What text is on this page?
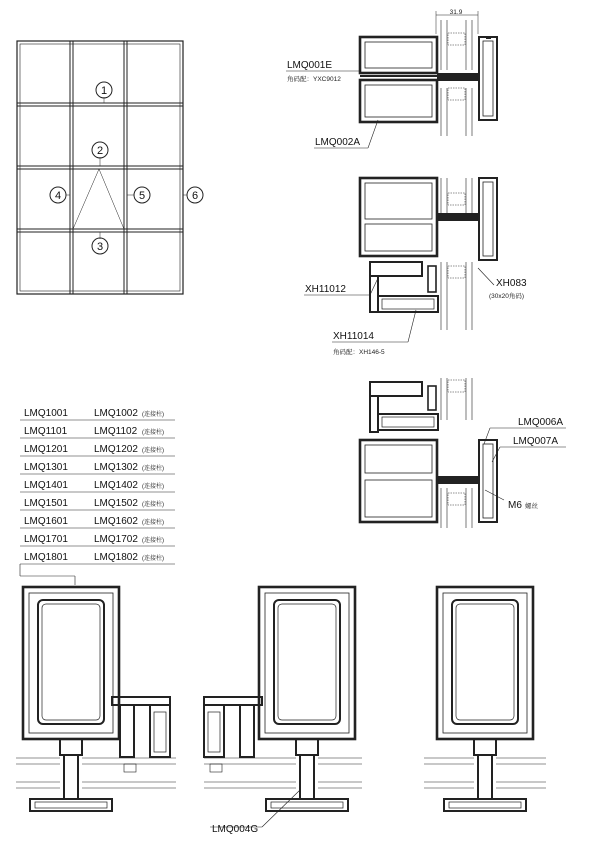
1
2
3
4	5	6
31.9
LMQ001E
角码配：YXC9012
LMQ002A
XH11012
XH083
(30x20角码)
XH11014
角码配：XH146-5
LMQ006A
LMQ007A
M6 螺丝
LMQ1001	LMQ1002 (连接柱)
LMQ1101	LMQ1102 (连接柱)
LMQ1201	LMQ1202 (连接柱)
LMQ1301	LMQ1302 (连接柱)
LMQ1401	LMQ1402 (连接柱)
LMQ1501	LMQ1502 (连接柱)
LMQ1601	LMQ1602 (连接柱)
LMQ1701	LMQ1702 (连接柱)
LMQ1801	LMQ1802 (连接柱)
LMQ004G
